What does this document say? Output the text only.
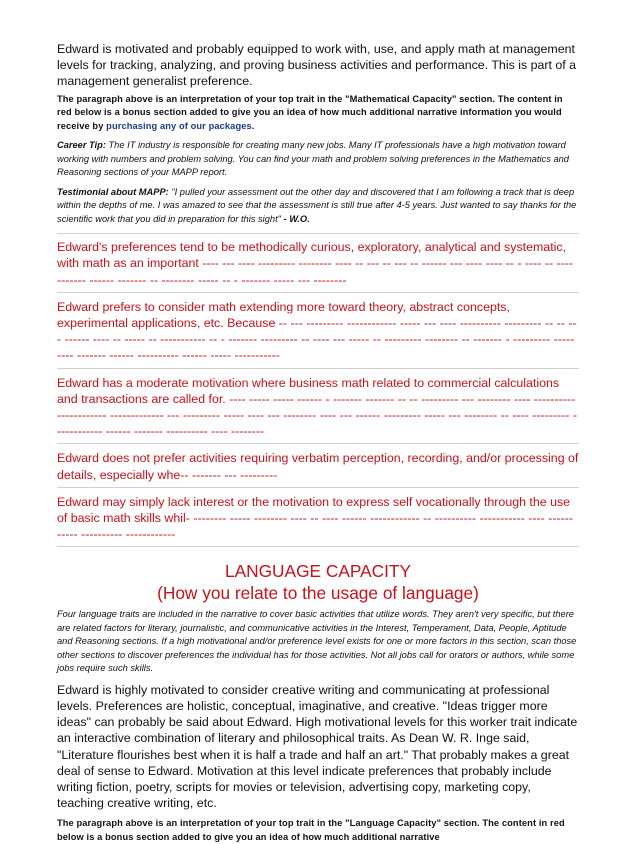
Edward is motivated and probably equipped to work with, use, and apply math at management levels for tracking, analyzing, and proving business activities and performance. This is part of a management generalist preference.

The paragraph above is an interpretation of your top trait in the "Mathematical Capacity" section. The content in red below is a bonus section added to give you an idea of how much additional narrative information you would receive by purchasing any of our packages.

Career Tip: The IT industry is responsible for creating many new jobs. Many IT professionals have a high motivation toward working with numbers and problem solving. You can find your math and problem solving preferences in the Mathematics and Reasoning sections of your MAPP report.

Testimonial about MAPP: "I pulled your assessment out the other day and discovered that I am following a track that is deep within the depths of me. I was amazed to see that the assessment is still true after 4-5 years. Just wanted to say thanks for the scientific work that you did in preparation for this sight" - W.O.

Edward's preferences tend to be methodically curious, exploratory, analytical and systematic, with math as an important ---- --- ---- --------- -------- ---- -- --- -- --- -- ------ --- ---- ---- -- - ---- -- ---- ------- ------ ------- -- -------- ----- -- - ------- ----- --- --------

Edward prefers to consider math extending more toward theory, abstract concepts, experimental applications, etc. Because -- --- --------- ------------ ----- --- ---- ---------- --------- -- -- --- ------ ---- -- ----- -- ----------- -- - ------- --------- -- ---- --- ----- -- --------- -------- -- ------- - --------- ----- ---- ------- ------ ---------- ------ ----- -----------

Edward has a moderate motivation where business math related to commercial calculations and transactions are called for. ---- ----- ----- ------ - ------- ------- -- -- --------- --- -------- ---- ---------- ------------ ------------- --- --------- ----- ---- --- -------- ---- --- ------ --------- ----- --- -------- -- ---- --------- ------------ ------ ------- ---------- ---- --------

Edward does not prefer activities requiring verbatim perception, recording, and/or processing of details, especially whe-- ------- --- ---------

Edward may simply lack interest or the motivation to express self vocationally through the use of basic math skills whil- -------- ----- -------- ---- -- ---- ------ ------------ -- ---------- ----------- ---- ------ ----- ---------- ------------

LANGUAGE CAPACITY
(How you relate to the usage of language)

Four language traits are included in the narrative to cover basic activities that utilize words. They aren't very specific, but there are related factors for literary, journalistic, and communicative activities in the Interest, Temperament, Data, People, Aptitude and Reasoning sections. If a high motivational and/or preference level exists for one or more factors in this section, scan those other sections to discover preferences the individual has for those activities. Not all jobs call for orators or authors, while some jobs require such skills.

Edward is highly motivated to consider creative writing and communicating at professional levels. Preferences are holistic, conceptual, imaginative, and creative. "Ideas trigger more ideas" can probably be said about Edward. High motivational levels for this worker trait indicate an interactive combination of literary and philosophical traits. As Dean W. R. Inge said, "Literature flourishes best when it is half a trade and half an art." That probably makes a great deal of sense to Edward. Motivation at this level indicate preferences that probably include writing fiction, poetry, scripts for movies or television, advertising copy, marketing copy, teaching creative writing, etc.

The paragraph above is an interpretation of your top trait in the "Language Capacity" section. The content in red below is a bonus section added to give you an idea of how much additional narrative
